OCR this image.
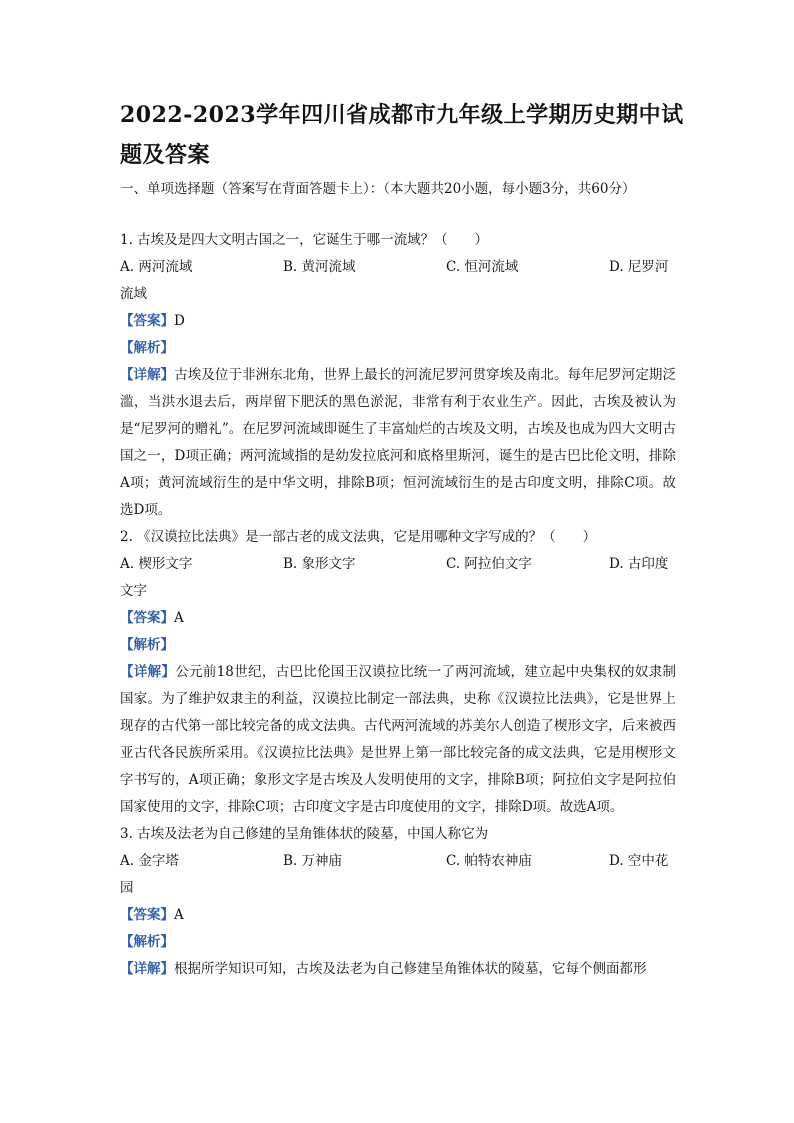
2022-2023学年四川省成都市九年级上学期历史期中试题及答案
一、单项选择题（答案写在背面答题卡上）：（本大题共20小题，每小题3分，共60分）
1. 古埃及是四大文明古国之一，它诞生于哪一流域？（　　）
A. 两河流域	B. 黄河流域	C. 恒河流域	D. 尼罗河
流域
【答案】D
【解析】
【详解】古埃及位于非洲东北角，世界上最长的河流尼罗河贯穿埃及南北。每年尼罗河定期泛滥，当洪水退去后，两岸留下肥沃的黑色淤泥，非常有利于农业生产。因此，古埃及被认为是“尼罗河的赠礼”。在尼罗河流域即诞生了丰富灿烂的古埃及文明，古埃及也成为四大文明古国之一，D项正确；两河流域指的是幼发拉底河和底格里斯河，诞生的是古巴比伦文明，排除A项；黄河流域衍生的是中华文明，排除B项；恒河流域衍生的是古印度文明，排除C项。故选D项。
2. 《汉谟拉比法典》是一部古老的成文法典，它是用哪种文字写成的？（　　）
A. 楔形文字	B. 象形文字	C. 阿拉伯文字	D. 古印度
文字
【答案】A
【解析】
【详解】公元前18世纪，古巴比伦国王汉谟拉比统一了两河流域，建立起中央集权的奴隶制国家。为了维护奴隶主的利益，汉谟拉比制定一部法典，史称《汉谟拉比法典》，它是世界上现存的古代第一部比较完备的成文法典。古代两河流域的苏美尔人创造了楔形文字，后来被西亚古代各民族所采用。《汉谟拉比法典》是世界上第一部比较完备的成文法典，它是用楔形文字书写的，A项正确；象形文字是古埃及人发明使用的文字，排除B项；阿拉伯文字是阿拉伯国家使用的文字，排除C项；古印度文字是古印度使用的文字，排除D项。故选A项。
3. 古埃及法老为自己修建的呈角锥体状的陵墓，中国人称它为
A. 金字塔	B. 万神庙	C. 帕特农神庙	D. 空中花
园
【答案】A
【解析】
【详解】根据所学知识可知，古埃及法老为自己修建呈角锥体状的陵墓，它每个侧面都形
